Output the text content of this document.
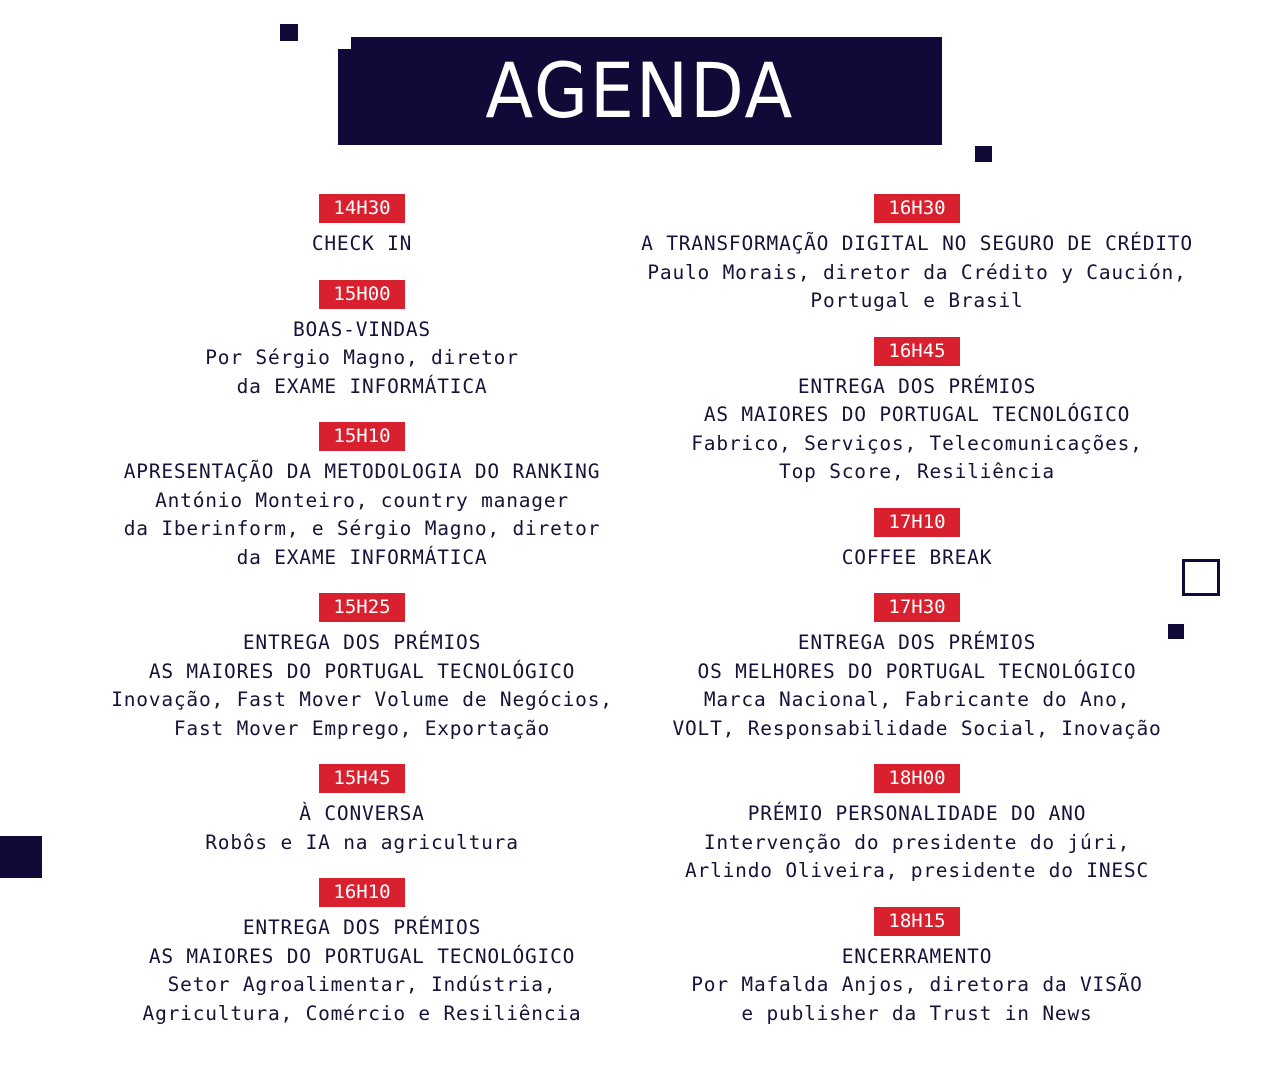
AGENDA
14H30
CHECK IN
15H00
BOAS-VINDAS
Por Sérgio Magno, diretor
da EXAME INFORMÁTICA
15H10
APRESENTAÇÃO DA METODOLOGIA DO RANKING
António Monteiro, country manager
da Iberinform, e Sérgio Magno, diretor
da EXAME INFORMÁTICA
15H25
ENTREGA DOS PRÉMIOS
AS MAIORES DO PORTUGAL TECNOLÓGICO
Inovação, Fast Mover Volume de Negócios,
Fast Mover Emprego, Exportação
15H45
À CONVERSA
Robôs e IA na agricultura
16H10
ENTREGA DOS PRÉMIOS
AS MAIORES DO PORTUGAL TECNOLÓGICO
Setor Agroalimentar, Indústria,
Agricultura, Comércio e Resiliência
16H30
A TRANSFORMAÇÃO DIGITAL NO SEGURO DE CRÉDITO
Paulo Morais, diretor da Crédito y Caución,
Portugal e Brasil
16H45
ENTREGA DOS PRÉMIOS
AS MAIORES DO PORTUGAL TECNOLÓGICO
Fabrico, Serviços, Telecomunicações,
Top Score, Resiliência
17H10
COFFEE BREAK
17H30
ENTREGA DOS PRÉMIOS
OS MELHORES DO PORTUGAL TECNOLÓGICO
Marca Nacional, Fabricante do Ano,
VOLT, Responsabilidade Social, Inovação
18H00
PRÉMIO PERSONALIDADE DO ANO
Intervenção do presidente do júri,
Arlindo Oliveira, presidente do INESC
18H15
ENCERRAMENTO
Por Mafalda Anjos, diretora da VISÃO
e publisher da Trust in News
